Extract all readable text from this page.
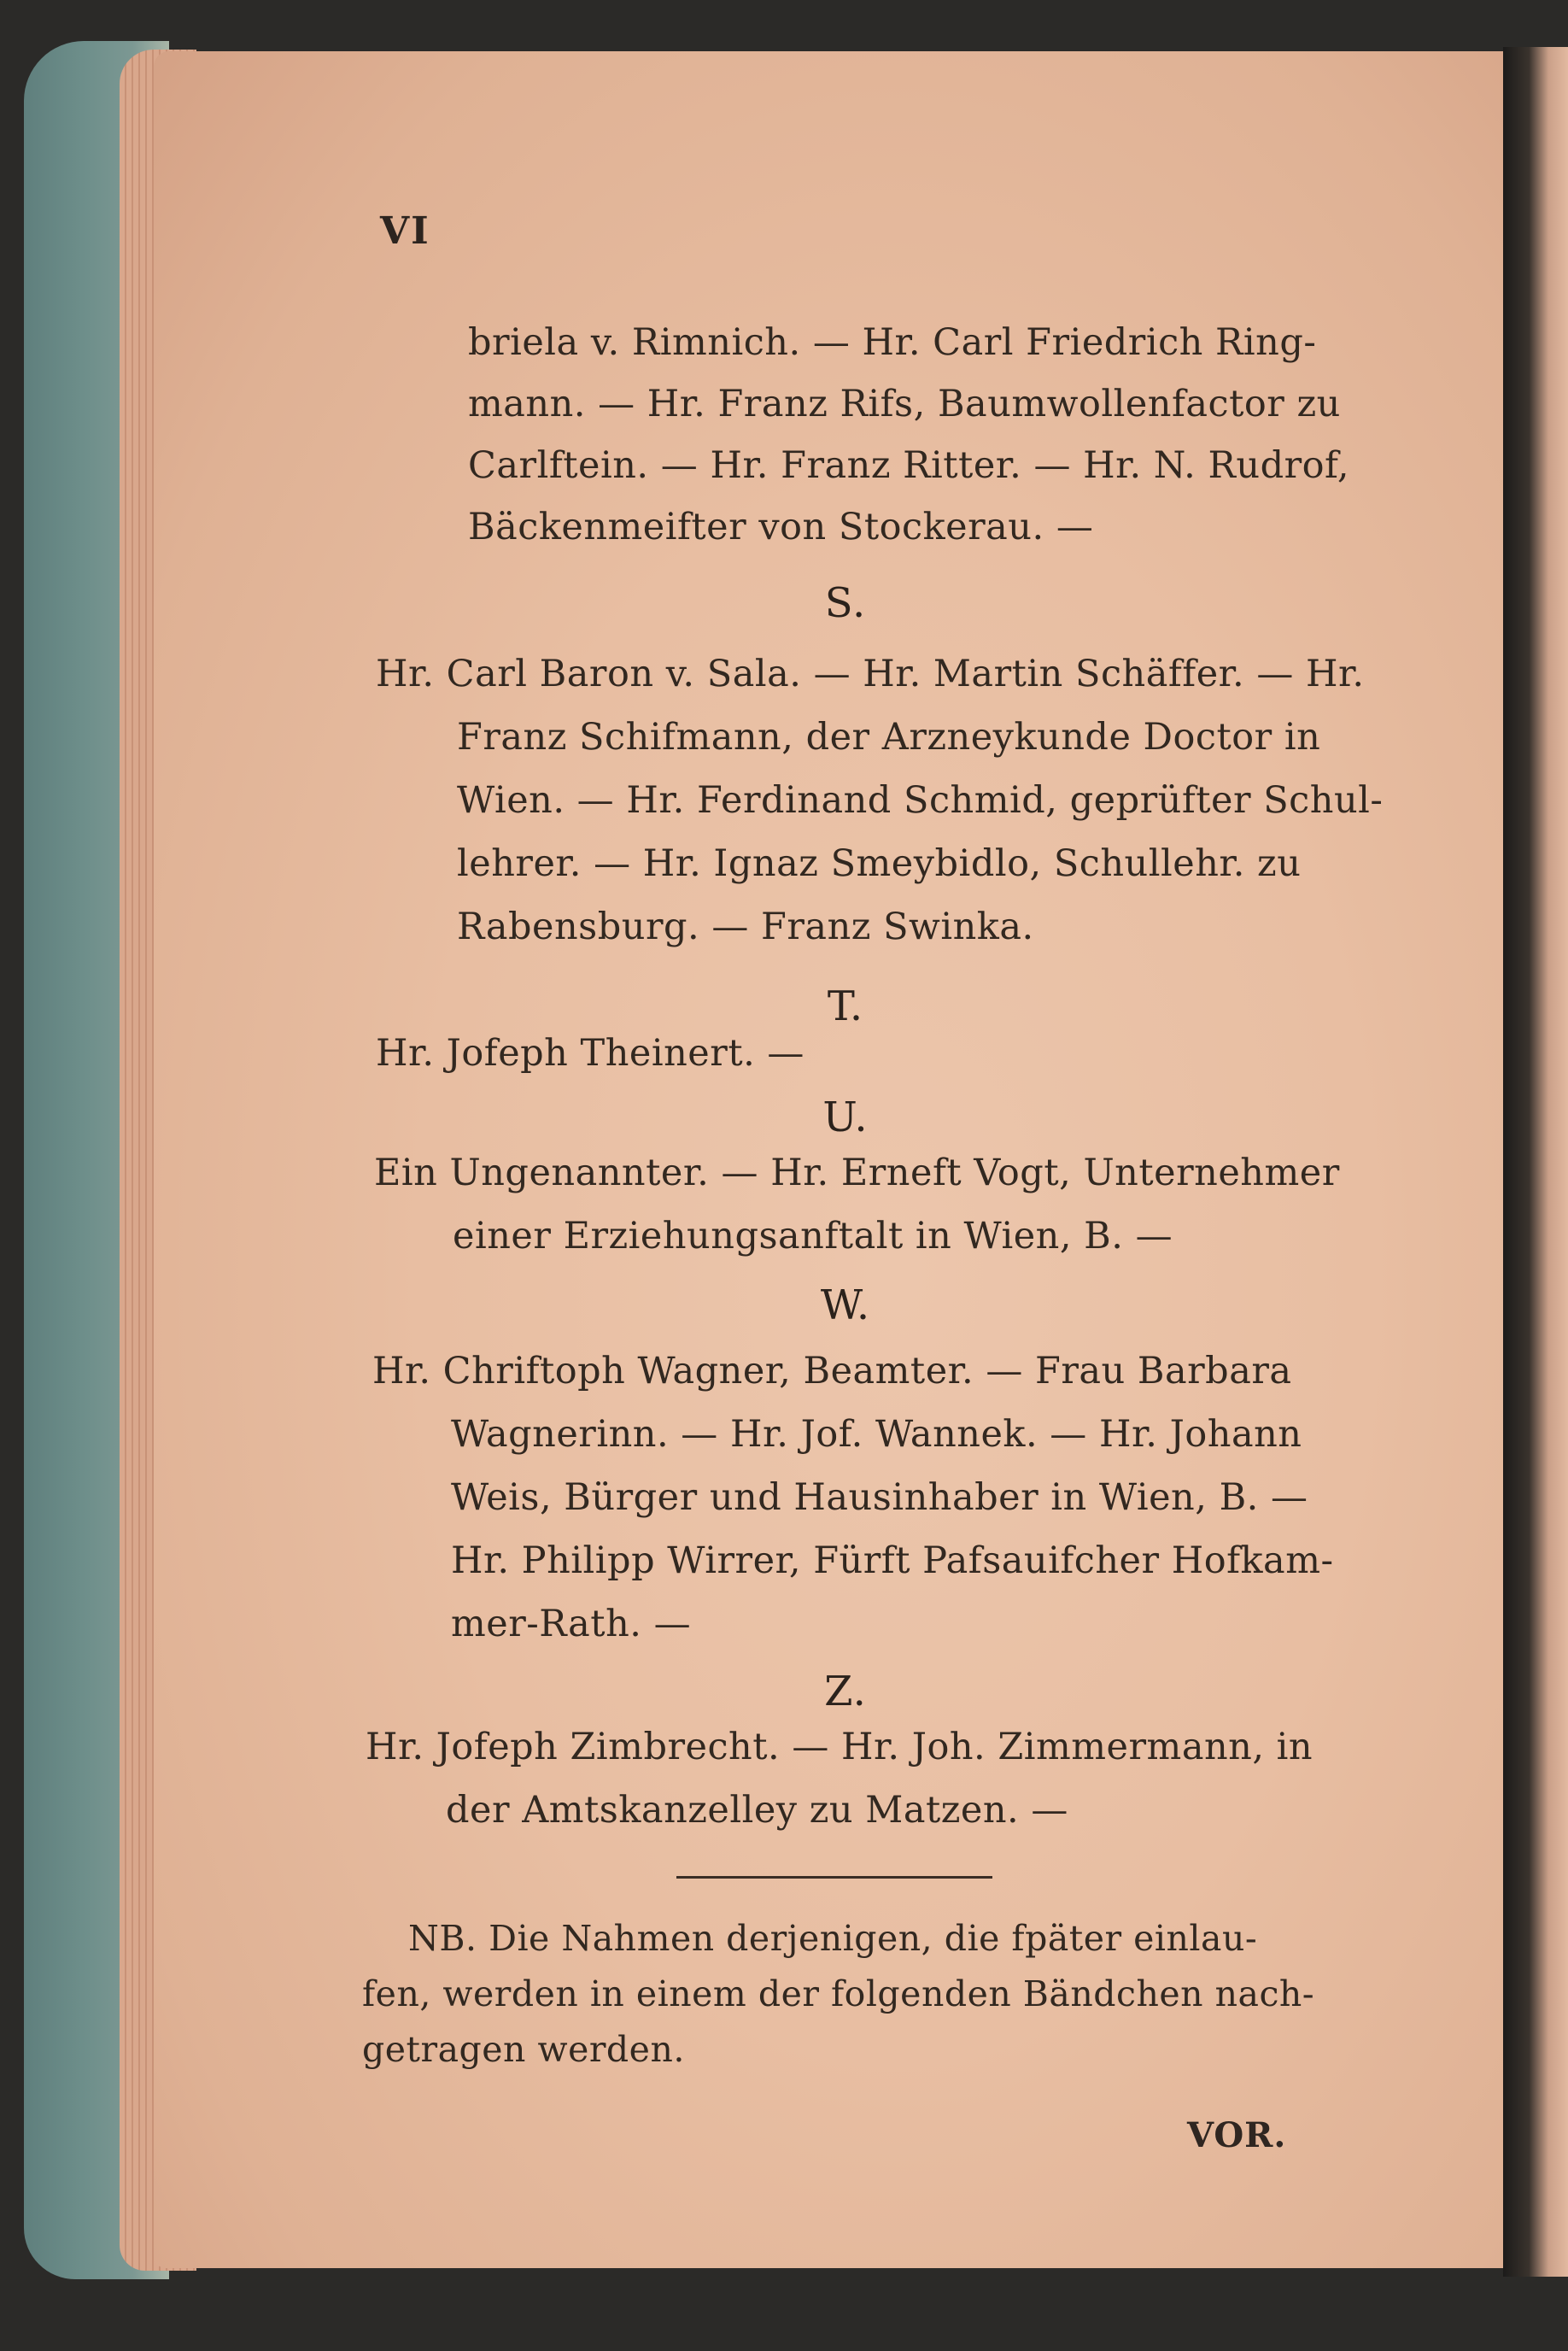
VI
briela v. Rimnich. — Hr. Carl Friedrich Ring-
mann. — Hr. Franz Rifs, Baumwollenfactor zu
Carlftein. — Hr. Franz Ritter. — Hr. N. Rudrof,
Bäckenmeifter von Stockerau. —
S.
Hr. Carl Baron v. Sala. — Hr. Martin Schäffer. — Hr.
Franz Schifmann, der Arzneykunde Doctor in
Wien. — Hr. Ferdinand Schmid, geprüfter Schul-
lehrer. — Hr. Ignaz Smeybidlo, Schullehr. zu
Rabensburg. — Franz Swinka.
T.
Hr. Jofeph Theinert. —
U.
Ein Ungenannter. — Hr. Erneft Vogt, Unternehmer
einer Erziehungsanftalt in Wien, B. —
W.
Hr. Chriftoph Wagner, Beamter. — Frau Barbara
Wagnerinn. — Hr. Jof. Wannek. — Hr. Johann
Weis, Bürger und Hausinhaber in Wien, B. —
Hr. Philipp Wirrer, Fürft Pafsauifcher Hofkam-
mer-Rath. —
Z.
Hr. Jofeph Zimbrecht. — Hr. Joh. Zimmermann, in
der Amtskanzelley zu Matzen. —
NB. Die Nahmen derjenigen, die fpäter einlau-
fen, werden in einem der folgenden Bändchen nach-
getragen werden.
VOR.
